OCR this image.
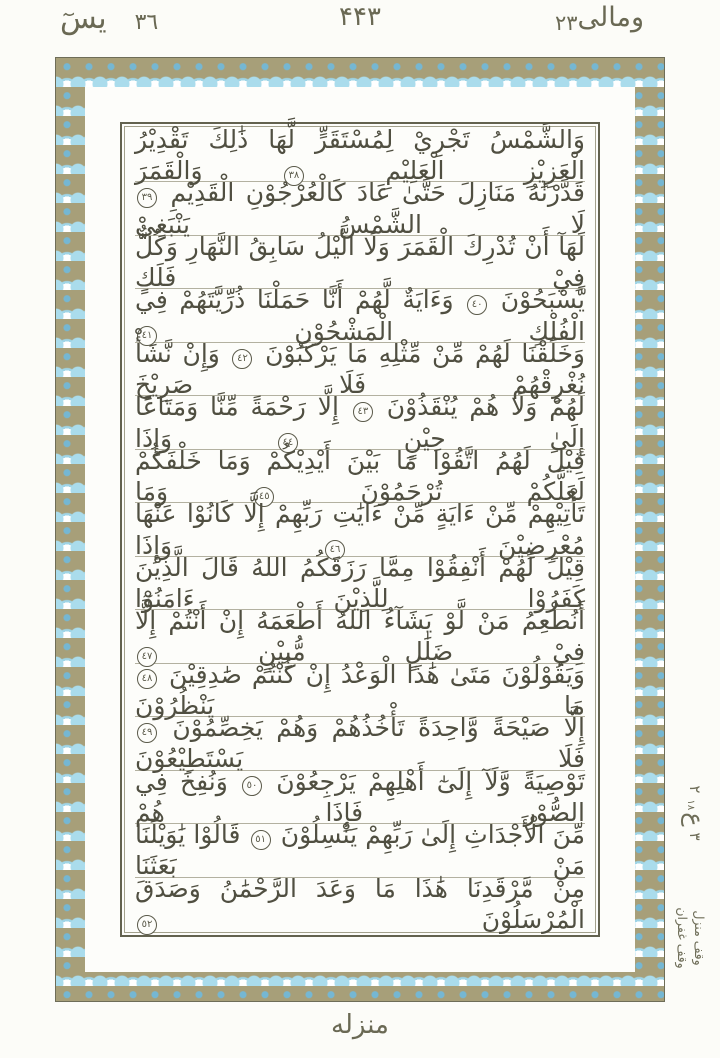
يسٓ ٣٦	۴۴۳	ومالى
٢٣
وَالشَّمْسُ تَجْرِيْ لِمُسْتَقَرٍّ لَّهَا ذَٰلِكَ تَقْدِيْرُ الْعَزِيْزِ الْعَلِيْمِ ٣٨ وَالْقَمَرَ
قَدَّرْنَٰهُ مَنَازِلَ حَتَّىٰ عَادَ كَالْعُرْجُوْنِ الْقَدِيْمِ ٣٩ لَا الشَّمْسُ يَنْبَغِيْ
لَهَآ أَنْ تُدْرِكَ الْقَمَرَ وَلَا الَّيْلُ سَابِقُ النَّهَارِ وَكُلٌّ فِيْ فَلَكٍ
يَّسْبَحُوْنَ ٤٠ وَءَايَةٌ لَّهُمْ أَنَّا حَمَلْنَا ذُرِّيَّتَهُمْ فِي الْفُلْكِ الْمَشْحُوْنِ ٤١
وَخَلَقْنَا لَهُمْ مِّنْ مِّثْلِهِ مَا يَرْكَبُوْنَ ٤٢ وَإِنْ نَّشَأْ نُغْرِقْهُمْ فَلَا صَرِيْخَ
لَهُمْ وَلَا هُمْ يُنْقَذُوْنَ ٤٣ إِلَّا رَحْمَةً مِّنَّا وَمَتَاعًا إِلَىٰ حِيْنٍ ٤٤ وَإِذَا
قِيْلَ لَهُمُ اتَّقُوْا مَا بَيْنَ أَيْدِيْكُمْ وَمَا خَلْفَكُمْ لَعَلَّكُمْ تُرْحَمُوْنَ ٤٥ وَمَا
تَأْتِيْهِمْ مِّنْ ءَايَةٍ مِّنْ ءَايَٰتِ رَبِّهِمْ إِلَّا كَانُوْا عَنْهَا مُعْرِضِيْنَ ٤٦ وَإِذَا
قِيْلَ لَهُمْ أَنْفِقُوْا مِمَّا رَزَقَكُمُ اللهُ قَالَ الَّذِيْنَ كَفَرُوْا لِلَّذِيْنَ ءَامَنُوْٓا
أَنُطْعِمُ مَنْ لَّوْ يَشَآءُ اللهُ أَطْعَمَهُ إِنْ أَنْتُمْ إِلَّا فِيْ ضَلَٰلٍ مُّبِيْنٍ ٤٧
وَيَقُوْلُوْنَ مَتَىٰ هَٰذَا الْوَعْدُ إِنْ كُنْتُمْ صَٰدِقِيْنَ ٤٨ مَا يَنْظُرُوْنَ
إِلَّا صَيْحَةً وَّاحِدَةً تَأْخُذُهُمْ وَهُمْ يَخِصِّمُوْنَ ٤٩ فَلَا يَسْتَطِيْعُوْنَ
تَوْصِيَةً وَّلَآ إِلَىٰٓ أَهْلِهِمْ يَرْجِعُوْنَ ٥٠ وَنُفِخَ فِي الصُّوْرِ فَإِذَا هُمْ
مِّنَ الْأَجْدَاثِ إِلَىٰ رَبِّهِمْ يَنْسِلُوْنَ ٥١ قَالُوْا يَٰوَيْلَنَا مَنْ بَعَثَنَا
مِنْ مَّرْقَدِنَا هَٰذَا مَا وَعَدَ الرَّحْمَٰنُ وَصَدَقَ الْمُرْسَلُوْنَ ٥٢
٣
ع
١٨
٢
وقف منزل
وقف غفران
منزله
